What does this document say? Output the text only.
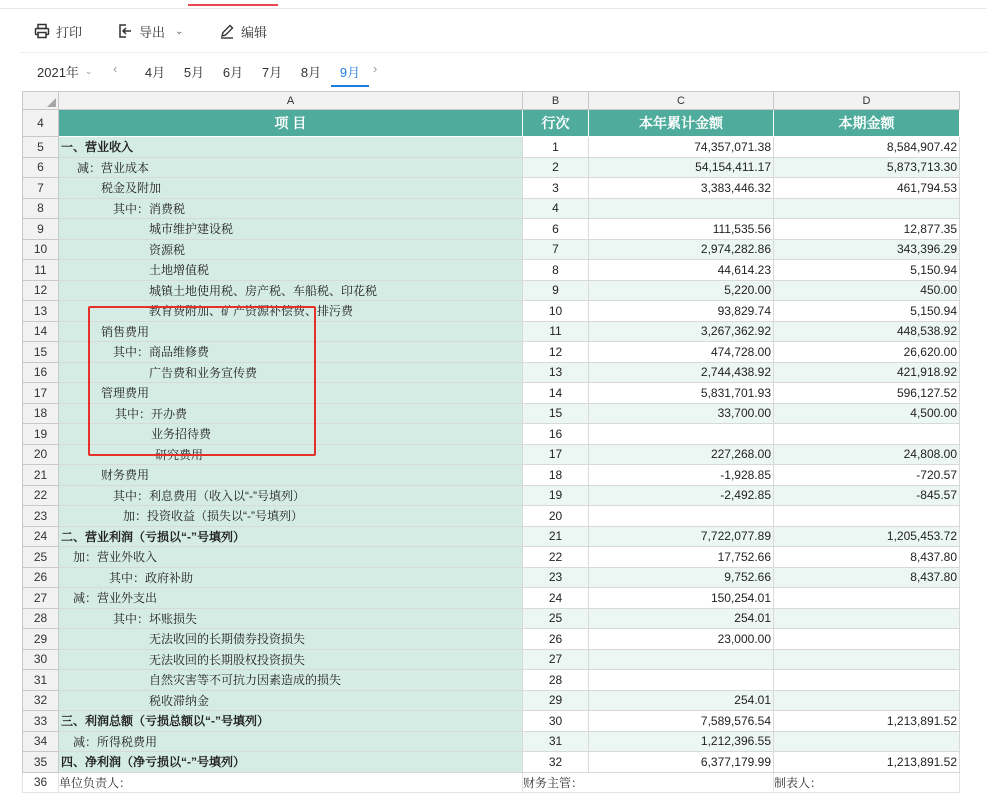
打印	导出 ⌄	编辑
2021年 ⌄ ‹	4月	5月	6月	7月	8月	9月 ›
	A	B	C	D
4	项 目	行次	本年累计金额	本期金额
5	一、营业收入	1	74,357,071.38	8,584,907.42
6	减：营业成本	2	54,154,411.17	5,873,713.30
7	税金及附加	3	3,383,446.32	461,794.53
8	其中：消费税	4		
9	城市维护建设税	6	111,535.56	12,877.35
10	资源税	7	2,974,282.86	343,396.29
11	土地增值税	8	44,614.23	5,150.94
12	城镇土地使用税、房产税、车船税、印花税	9	5,220.00	450.00
13	教育费附加、矿产资源补偿费、排污费	10	93,829.74	5,150.94
14	销售费用	11	3,267,362.92	448,538.92
15	其中：商品维修费	12	474,728.00	26,620.00
16	广告费和业务宣传费	13	2,744,438.92	421,918.92
17	管理费用	14	5,831,701.93	596,127.52
18	其中：开办费	15	33,700.00	4,500.00
19	业务招待费	16		
20	研究费用	17	227,268.00	24,808.00
21	财务费用	18	-1,928.85	-720.57
22	其中：利息费用（收入以“-”号填列）	19	-2,492.85	-845.57
23	加：投资收益（损失以“-”号填列）	20		
24	二、营业利润（亏损以“-”号填列）	21	7,722,077.89	1,205,453.72
25	加：营业外收入	22	17,752.66	8,437.80
26	其中：政府补助	23	9,752.66	8,437.80
27	减：营业外支出	24	150,254.01	
28	其中：坏账损失	25	254.01	
29	无法收回的长期债券投资损失	26	23,000.00	
30	无法收回的长期股权投资损失	27		
31	自然灾害等不可抗力因素造成的损失	28		
32	税收滞纳金	29	254.01	
33	三、利润总额（亏损总额以“-”号填列）	30	7,589,576.54	1,213,891.52
34	减：所得税费用	31	1,212,396.55	
35	四、净利润（净亏损以“-”号填列）	32	6,377,179.99	1,213,891.52
36	单位负责人：	财务主管：		制表人：
